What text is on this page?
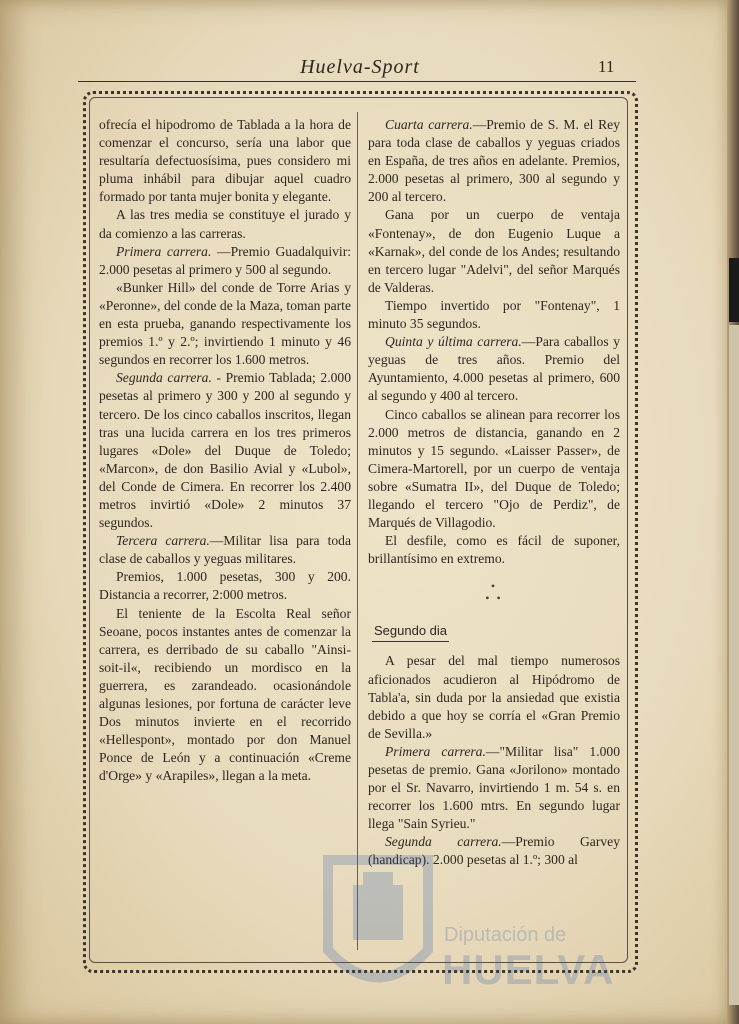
Huelva-Sport	11

ofrecía el hipodromo de Tablada a la hora de comenzar el concurso, sería una labor que resultaría defectuosísima, pues considero mi pluma inhábil para dibujar aquel cuadro formado por tanta mujer bonita y elegante.

A las tres media se constituye el jurado y da comienzo a las carreras.

Primera carrera. —Premio Guadalquivir: 2.000 pesetas al primero y 500 al segundo.

«Bunker Hill» del conde de Torre Arias y «Peronne», del conde de la Maza, toman parte en esta prueba, ganando respectivamente los premios 1.º y 2.º; invirtiendo 1 minuto y 46 segundos en recorrer los 1.600 metros.

Segunda carrera. - Premio Tablada; 2.000 pesetas al primero y 300 y 200 al segundo y tercero. De los cinco caballos inscritos, llegan tras una lucida carrera en los tres primeros lugares «Dole» del Duque de Toledo; «Marcon», de don Basilio Avial y «Lubol», del Conde de Cimera. En recorrer los 2.400 metros invirtió «Dole» 2 minutos 37 segundos.

Tercera carrera.—Militar lisa para toda clase de caballos y yeguas militares.

Premios, 1.000 pesetas, 300 y 200. Distancia a recorrer, 2:000 metros.

El teniente de la Escolta Real señor Seoane, pocos instantes antes de comenzar la carrera, es derribado de su caballo "Ainsi-soit-il«, recibiendo un mordisco en la guerrera, es zarandeado. ocasionándole algunas lesiones, por fortuna de carácter leve Dos minutos invierte en el recorrido «Hellespont», montado por don Manuel Ponce de León y a continuación «Creme d'Orge» y «Arapiles», llegan a la meta.

Cuarta carrera.—Premio de S. M. el Rey para toda clase de caballos y yeguas criados en España, de tres años en adelante. Premios, 2.000 pesetas al primero, 300 al segundo y 200 al tercero.

Gana por un cuerpo de ventaja «Fontenay», de don Eugenio Luque a «Karnak», del conde de los Andes; resultando en tercero lugar "Adelvi", del señor Marqués de Valderas.

Tiempo invertido por "Fontenay", 1 minuto 35 segundos.

Quinta y última carrera.—Para caballos y yeguas de tres años. Premio del Ayuntamiento, 4.000 pesetas al primero, 600 al segundo y 400 al tercero.

Cinco caballos se alinean para recorrer los 2.000 metros de distancia, ganando en 2 minutos y 15 segundo. «Laisser Passer», de Cimera-Martorell, por un cuerpo de ventaja sobre «Sumatra II», del Duque de Toledo; llegando el tercero "Ojo de Perdiz", de Marqués de Villagodio.

El desfile, como es fácil de suponer, brillantísimo en extremo.

•
• •
Segundo dia

A pesar del mal tiempo numerosos aficionados acudieron al Hipódromo de Tabla'a, sin duda por la ansiedad que existia debido a que hoy se corría el «Gran Premio de Sevilla.»

Primera carrera.—"Militar lisa" 1.000 pesetas de premio. Gana «Jorilono» montado por el Sr. Navarro, invirtiendo 1 m. 54 s. en recorrer los 1.600 mtrs. En segundo lugar llega "Sain Syrieu."

Segunda carrera.—Premio Garvey (handicap). 2.000 pesetas al 1.º; 300 al

Diputación de
HUELVA
